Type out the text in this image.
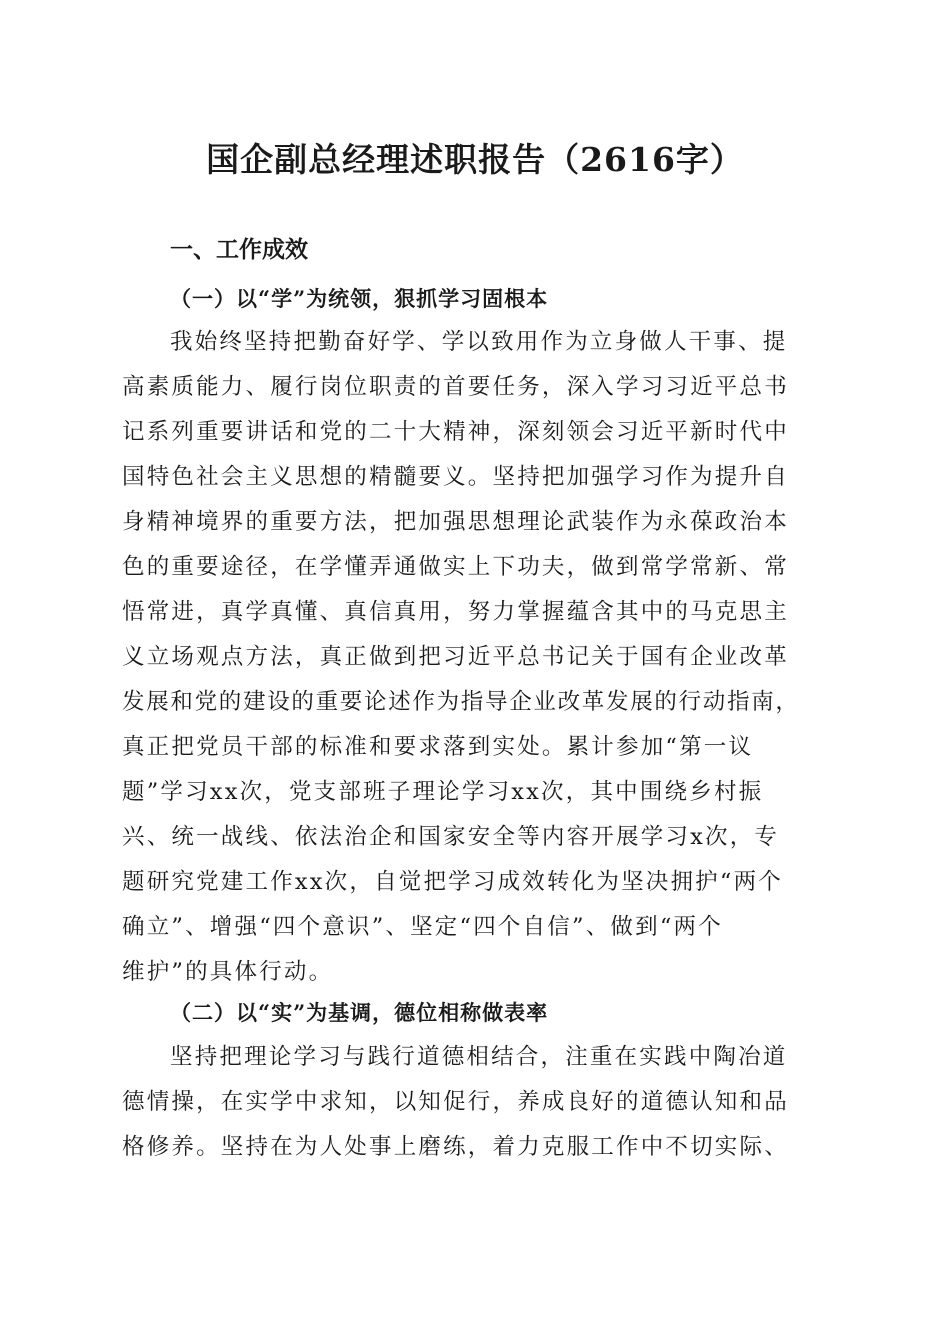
国企副总经理述职报告（2616字）
一、工作成效
（一）以“学”为统领，狠抓学习固根本
我始终坚持把勤奋好学、学以致用作为立身做人干事、提
高素质能力、履行岗位职责的首要任务，深入学习习近平总书
记系列重要讲话和党的二十大精神，深刻领会习近平新时代中
国特色社会主义思想的精髓要义。坚持把加强学习作为提升自
身精神境界的重要方法，把加强思想理论武装作为永葆政治本
色的重要途径，在学懂弄通做实上下功夫，做到常学常新、常
悟常进，真学真懂、真信真用，努力掌握蕴含其中的马克思主
义立场观点方法，真正做到把习近平总书记关于国有企业改革
发展和党的建设的重要论述作为指导企业改革发展的行动指南，
真正把党员干部的标准和要求落到实处。累计参加“第一议
题”学习xx次，党支部班子理论学习xx次，其中围绕乡村振
兴、统一战线、依法治企和国家安全等内容开展学习x次，专
题研究党建工作xx次，自觉把学习成效转化为坚决拥护“两个
确立”、增强“四个意识”、坚定“四个自信”、做到“两个
维护”的具体行动。
（二）以“实”为基调，德位相称做表率
坚持把理论学习与践行道德相结合，注重在实践中陶冶道
德情操，在实学中求知，以知促行，养成良好的道德认知和品
格修养。坚持在为人处事上磨练，着力克服工作中不切实际、
